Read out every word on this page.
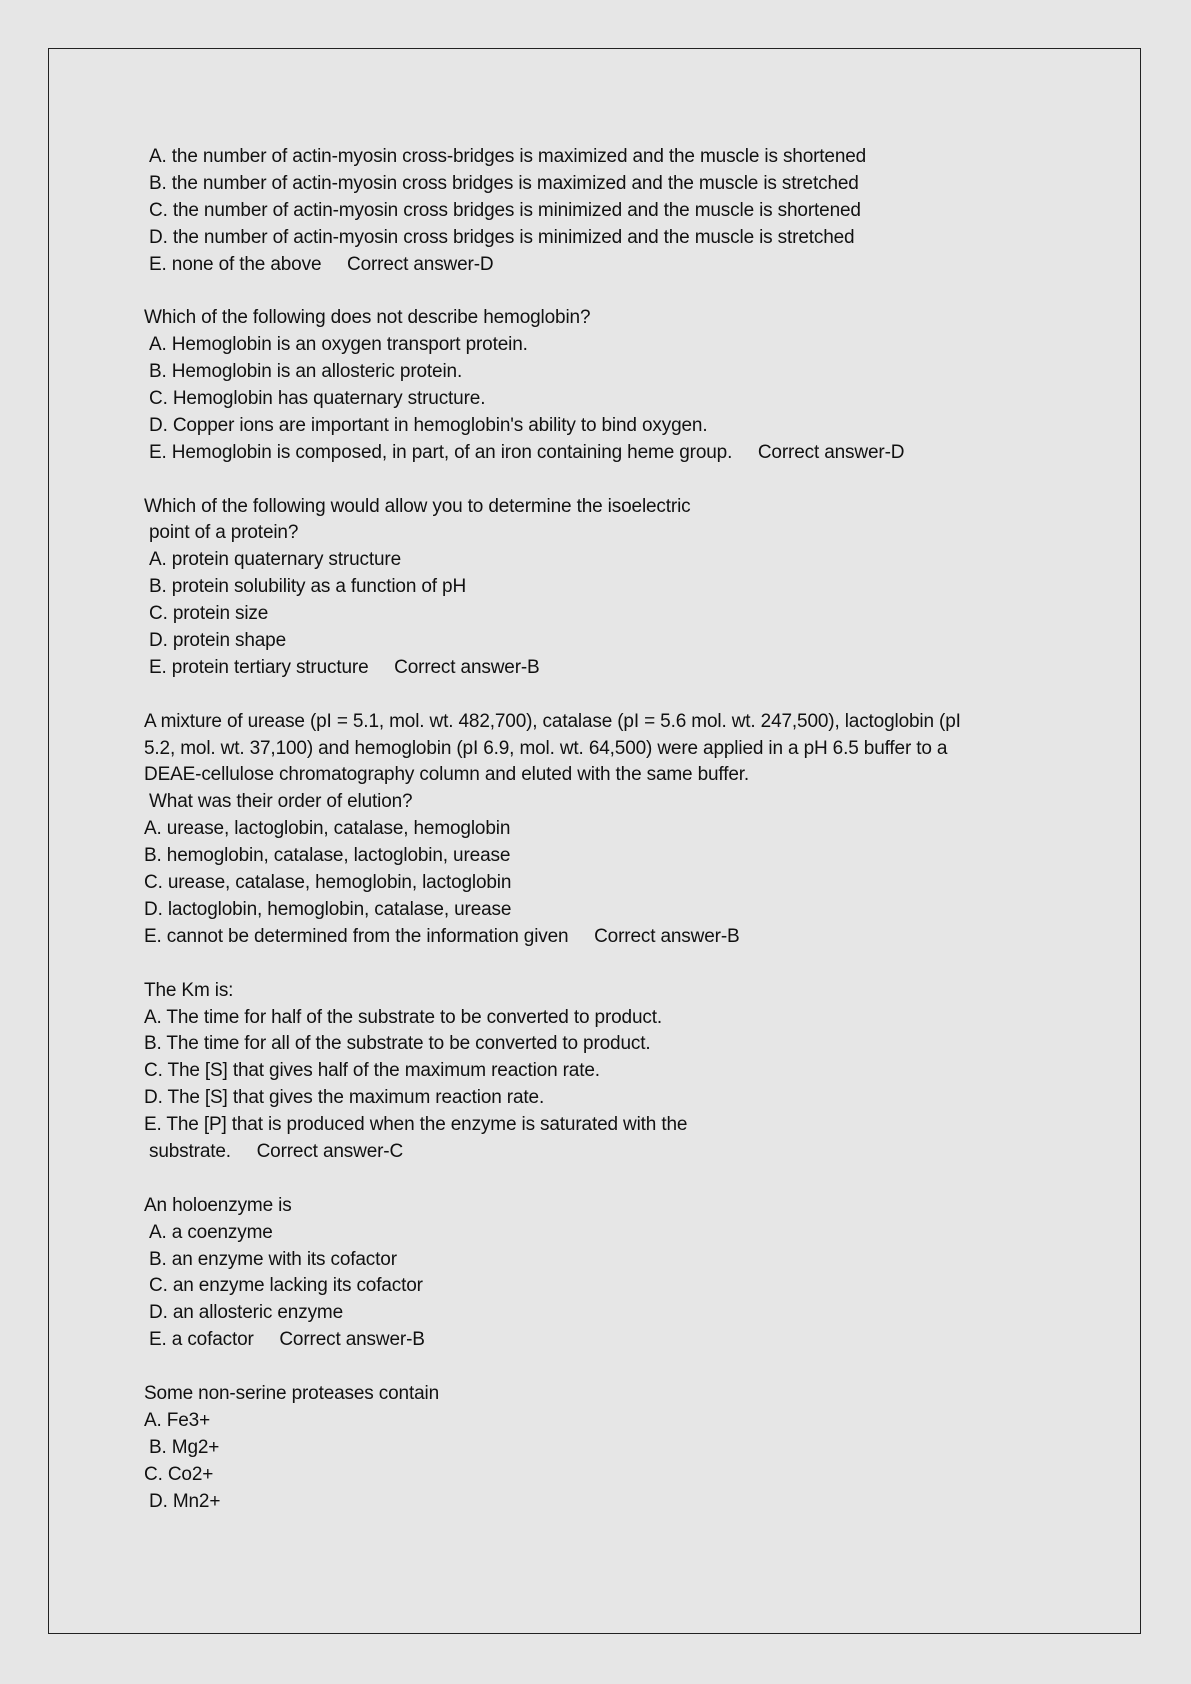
A. the number of actin-myosin cross-bridges is maximized and the muscle is shortened
B. the number of actin-myosin cross bridges is maximized and the muscle is stretched
C. the number of actin-myosin cross bridges is minimized and the muscle is shortened
D. the number of actin-myosin cross bridges is minimized and the muscle is stretched
E. none of the above     Correct answer-D
Which of the following does not describe hemoglobin?
A. Hemoglobin is an oxygen transport protein.
B. Hemoglobin is an allosteric protein.
C. Hemoglobin has quaternary structure.
D. Copper ions are important in hemoglobin's ability to bind oxygen.
E. Hemoglobin is composed, in part, of an iron containing heme group.     Correct answer-D
Which of the following would allow you to determine the isoelectric
point of a protein?
A. protein quaternary structure
B. protein solubility as a function of pH
C. protein size
D. protein shape
E. protein tertiary structure     Correct answer-B
A mixture of urease (pI = 5.1, mol. wt. 482,700), catalase (pI = 5.6 mol. wt. 247,500), lactoglobin (pI
5.2, mol. wt. 37,100) and hemoglobin (pI 6.9, mol. wt. 64,500) were applied in a pH 6.5 buffer to a
DEAE-cellulose chromatography column and eluted with the same buffer.
What was their order of elution?
A. urease, lactoglobin, catalase, hemoglobin
B. hemoglobin, catalase, lactoglobin, urease
C. urease, catalase, hemoglobin, lactoglobin
D. lactoglobin, hemoglobin, catalase, urease
E. cannot be determined from the information given     Correct answer-B
The Km is:
A. The time for half of the substrate to be converted to product.
B. The time for all of the substrate to be converted to product.
C. The [S] that gives half of the maximum reaction rate.
D. The [S] that gives the maximum reaction rate.
E. The [P] that is produced when the enzyme is saturated with the
substrate.     Correct answer-C
An holoenzyme is
A. a coenzyme
B. an enzyme with its cofactor
C. an enzyme lacking its cofactor
D. an allosteric enzyme
E. a cofactor     Correct answer-B
Some non-serine proteases contain
A. Fe3+
B. Mg2+
C. Co2+
D. Mn2+
